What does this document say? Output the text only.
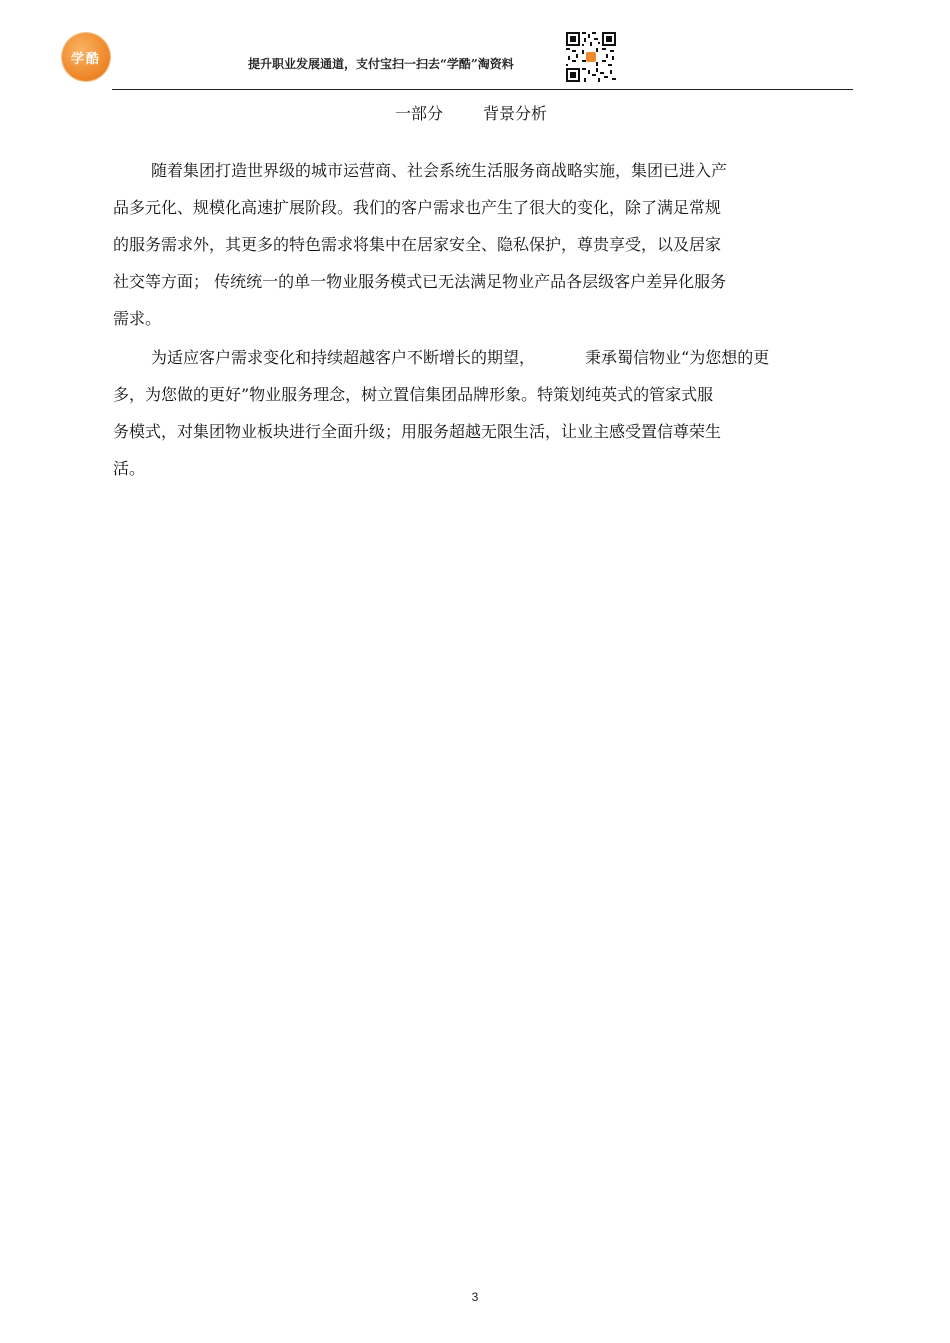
学酷	提升职业发展通道，支付宝扫一扫去“学酷”淘资料
一部分	背景分析
随着集团打造世界级的城市运营商、社会系统生活服务商战略实施，集团已进入产
品多元化、规模化高速扩展阶段。我们的客户需求也产生了很大的变化，除了满足常规
的服务需求外，其更多的特色需求将集中在居家安全、隐私保护，尊贵享受，以及居家
社交等方面； 传统统一的单一物业服务模式已无法满足物业产品各层级客户差异化服务
需求。
为适应客户需求变化和持续超越客户不断增长的期望，	秉承蜀信物业“为您想的更
多，为您做的更好”物业服务理念，树立置信集团品牌形象。特策划纯英式的管家式服
务模式，对集团物业板块进行全面升级；用服务超越无限生活，让业主感受置信尊荣生
活。
3
